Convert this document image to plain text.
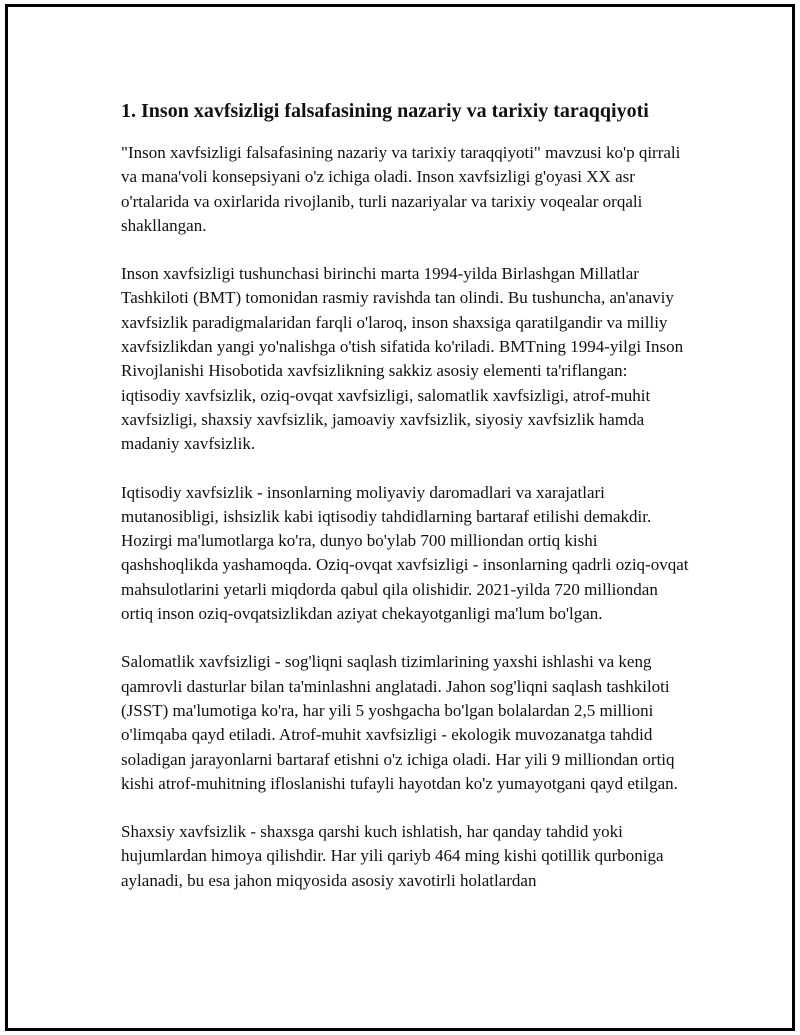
1. Inson xavfsizligi falsafasining nazariy va tarixiy taraqqiyoti

"Inson xavfsizligi falsafasining nazariy va tarixiy taraqqiyoti" mavzusi ko'p qirrali va mana'voli konsepsiyani o'z ichiga oladi. Inson xavfsizligi g'oyasi XX asr o'rtalarida va oxirlarida rivojlanib, turli nazariyalar va tarixiy voqealar orqali shakllangan.

Inson xavfsizligi tushunchasi birinchi marta 1994-yilda Birlashgan Millatlar Tashkiloti (BMT) tomonidan rasmiy ravishda tan olindi. Bu tushuncha, an'anaviy xavfsizlik paradigmalaridan farqli o'laroq, inson shaxsiga qaratilgandir va milliy xavfsizlikdan yangi yo'nalishga o'tish sifatida ko'riladi. BMTning 1994-yilgi Inson Rivojlanishi Hisobotida xavfsizlikning sakkiz asosiy elementi ta'riflangan: iqtisodiy xavfsizlik, oziq-ovqat xavfsizligi, salomatlik xavfsizligi, atrof-muhit xavfsizligi, shaxsiy xavfsizlik, jamoaviy xavfsizlik, siyosiy xavfsizlik hamda madaniy xavfsizlik.

Iqtisodiy xavfsizlik - insonlarning moliyaviy daromadlari va xarajatlari mutanosibligi, ishsizlik kabi iqtisodiy tahdidlarning bartaraf etilishi demakdir. Hozirgi ma'lumotlarga ko'ra, dunyo bo'ylab 700 milliondan ortiq kishi qashshoqlikda yashamoqda. Oziq-ovqat xavfsizligi - insonlarning qadrli oziq-ovqat mahsulotlarini yetarli miqdorda qabul qila olishidir. 2021-yilda 720 milliondan ortiq inson oziq-ovqatsizlikdan aziyat chekayotganligi ma'lum bo'lgan.

Salomatlik xavfsizligi - sog'liqni saqlash tizimlarining yaxshi ishlashi va keng qamrovli dasturlar bilan ta'minlashni anglatadi. Jahon sog'liqni saqlash tashkiloti (JSST) ma'lumotiga ko'ra, har yili 5 yoshgacha bo'lgan bolalardan 2,5 millioni o'limqaba qayd etiladi. Atrof-muhit xavfsizligi - ekologik muvozanatga tahdid soladigan jarayonlarni bartaraf etishni o'z ichiga oladi. Har yili 9 milliondan ortiq kishi atrof-muhitning ifloslanishi tufayli hayotdan ko'z yumayotgani qayd etilgan.

Shaxsiy xavfsizlik - shaxsga qarshi kuch ishlatish, har qanday tahdid yoki hujumlardan himoya qilishdir. Har yili qariyb 464 ming kishi qotillik qurboniga aylanadi, bu esa jahon miqyosida asosiy xavotirli holatlardan
